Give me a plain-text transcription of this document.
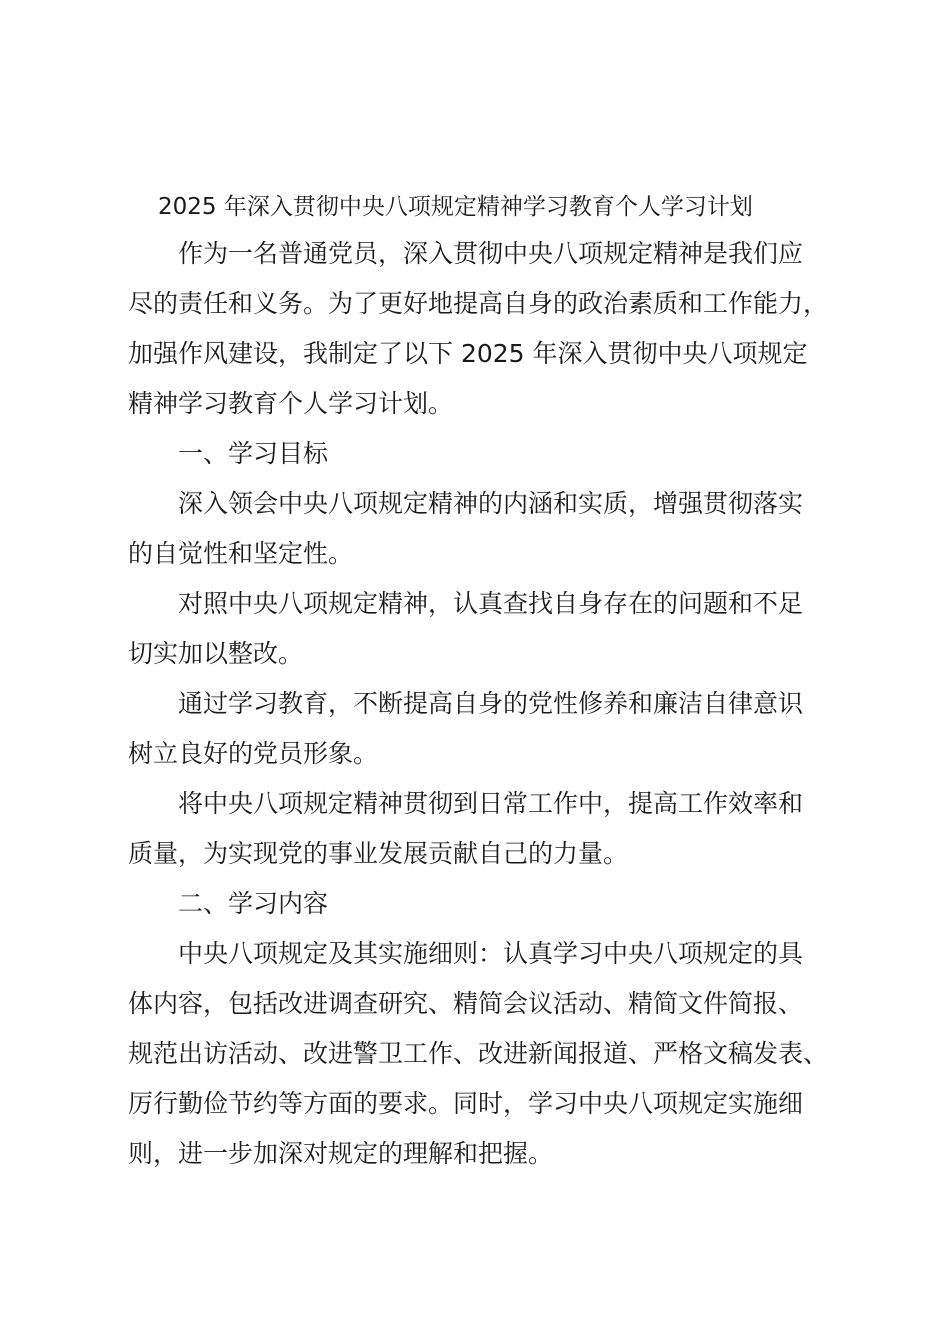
2025 年深入贯彻中央八项规定精神学习教育个人学习计划
　　作为一名普通党员，深入贯彻中央八项规定精神是我们应
尽的责任和义务。为了更好地提高自身的政治素质和工作能力，
加强作风建设，我制定了以下 2025 年深入贯彻中央八项规定
精神学习教育个人学习计划。
　　一、学习目标
　　深入领会中央八项规定精神的内涵和实质，增强贯彻落实
的自觉性和坚定性。
　　对照中央八项规定精神，认真查找自身存在的问题和不足
切实加以整改。
　　通过学习教育，不断提高自身的党性修养和廉洁自律意识
树立良好的党员形象。
　　将中央八项规定精神贯彻到日常工作中，提高工作效率和
质量，为实现党的事业发展贡献自己的力量。
　　二、学习内容
　　中央八项规定及其实施细则：认真学习中央八项规定的具
体内容，包括改进调查研究、精简会议活动、精简文件简报、
规范出访活动、改进警卫工作、改进新闻报道、严格文稿发表、
厉行勤俭节约等方面的要求。同时，学习中央八项规定实施细
则，进一步加深对规定的理解和把握。
